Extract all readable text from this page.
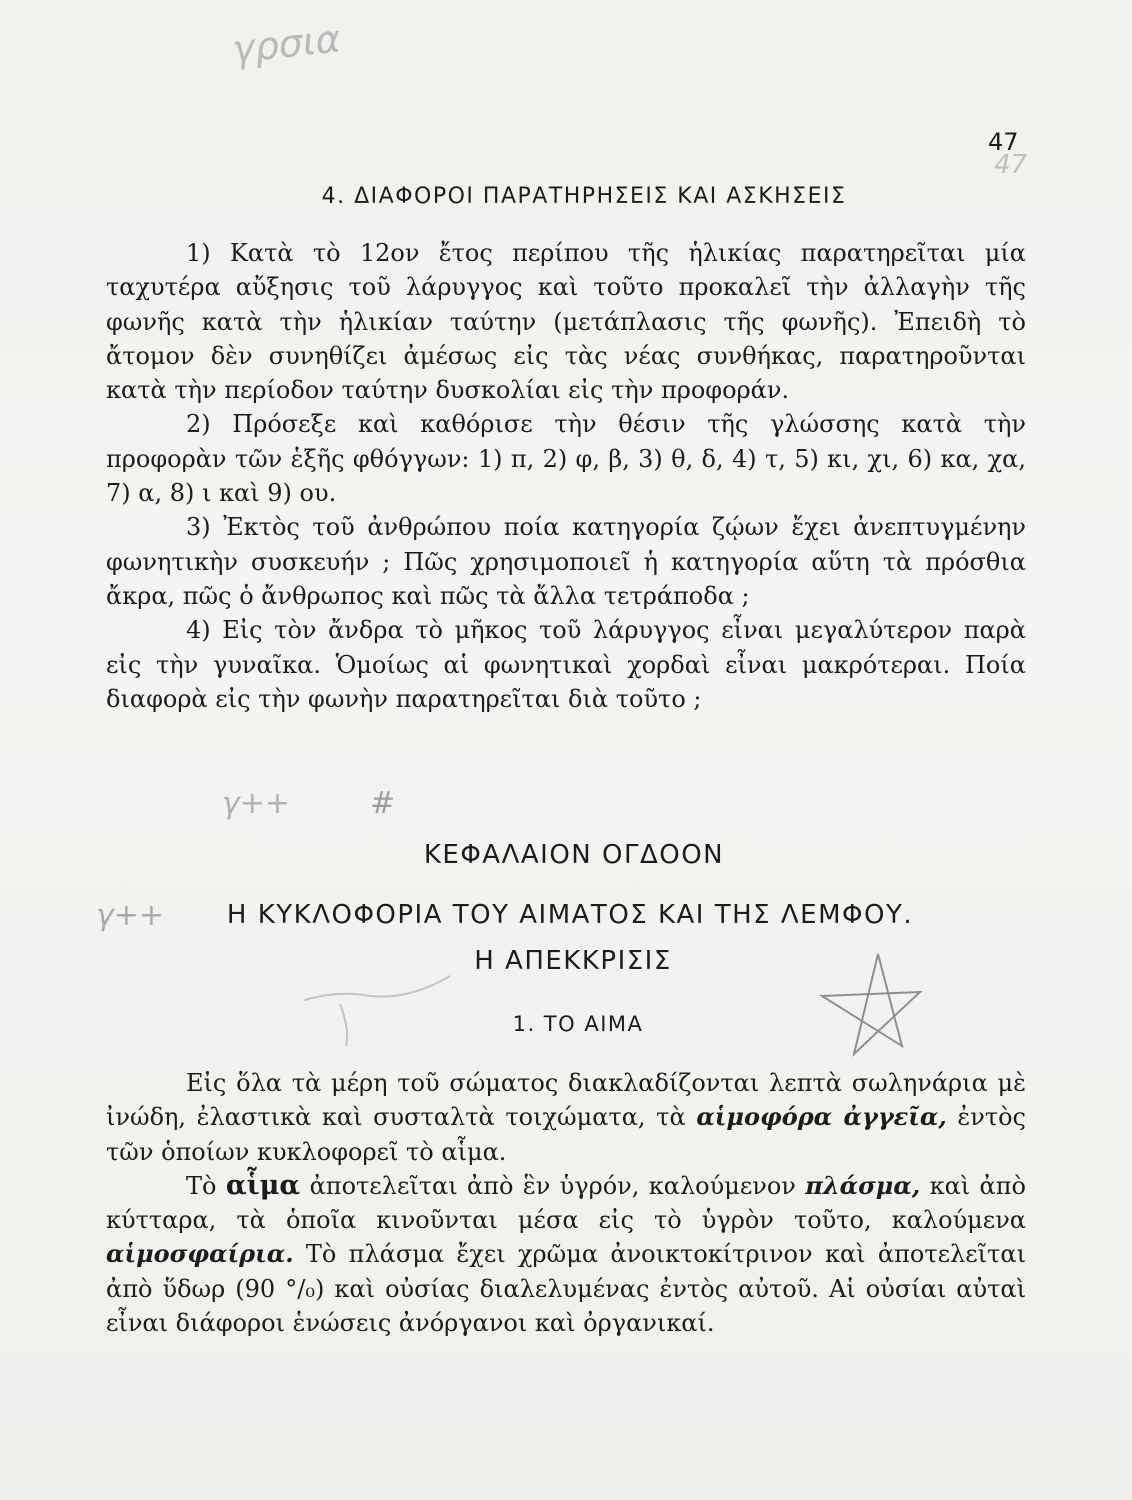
γρσια
47
47
4. ΔΙΑΦΟΡΟΙ ΠΑΡΑΤΗΡΗΣΕΙΣ ΚΑΙ ΑΣΚΗΣΕΙΣ

1) Κατὰ τὸ 12ον ἔτος περίπου τῆς ἡλικίας παρατηρεῖται μία ταχυτέρα αὔξησις τοῦ λάρυγγος καὶ τοῦτο προκαλεῖ τὴν ἀλλαγὴν τῆς φωνῆς κατὰ τὴν ἡλικίαν ταύτην (μετάπλασις τῆς φωνῆς). Ἐπειδὴ τὸ ἄτομον δὲν συνηθίζει ἀμέσως εἰς τὰς νέας συνθήκας, παρατηροῦνται κατὰ τὴν περίοδον ταύτην δυσκολίαι εἰς τὴν προφοράν.

2) Πρόσεξε καὶ καθόρισε τὴν θέσιν τῆς γλώσσης κατὰ τὴν προφορὰν τῶν ἑξῆς φθόγγων: 1) π, 2) φ, β, 3) θ, δ, 4) τ, 5) κι, χι, 6) κα, χα, 7) α, 8) ι καὶ 9) ου.

3) Ἐκτὸς τοῦ ἀνθρώπου ποία κατηγορία ζῴων ἔχει ἀνεπτυγμένην φωνητικὴν συσκευήν ; Πῶς χρησιμοποιεῖ ἡ κατηγορία αὕτη τὰ πρόσθια ἄκρα, πῶς ὁ ἄνθρωπος καὶ πῶς τὰ ἄλλα τετράποδα ;

4) Εἰς τὸν ἄνδρα τὸ μῆκος τοῦ λάρυγγος εἶναι μεγαλύτερον παρὰ εἰς τὴν γυναῖκα. Ὁμοίως αἱ φωνητικαὶ χορδαὶ εἶναι μακρότεραι. Ποία διαφορὰ εἰς τὴν φωνὴν παρατηρεῖται διὰ τοῦτο ;

γ++	#
ΚΕΦΑΛΑΙΟΝ ΟΓΔΟΟΝ
γ++	Η ΚΥΚΛΟΦΟΡΙΑ ΤΟΥ ΑΙΜΑΤΟΣ ΚΑΙ ΤΗΣ ΛΕΜΦΟΥ.
Η ΑΠΕΚΚΡΙΣΙΣ
1. ΤΟ ΑΙΜΑ

Εἰς ὅλα τὰ μέρη τοῦ σώματος διακλαδίζονται λεπτὰ σωληνάρια μὲ ἰνώδη, ἐλαστικὰ καὶ συσταλτὰ τοιχώματα, τὰ αἱμοφόρα ἀγγεῖα, ἐντὸς τῶν ὁποίων κυκλοφορεῖ τὸ αἷμα.

Τὸ αἷμα ἀποτελεῖται ἀπὸ ἓν ὑγρόν, καλούμενον πλάσμα, καὶ ἀπὸ κύτταρα, τὰ ὁποῖα κινοῦνται μέσα εἰς τὸ ὑγρὸν τοῦτο, καλούμενα αἱμοσφαίρια. Τὸ πλάσμα ἔχει χρῶμα ἀνοικτοκίτρινον καὶ ἀποτελεῖται ἀπὸ ὕδωρ (90 °/₀) καὶ οὐσίας διαλελυμένας ἐντὸς αὐτοῦ. Αἱ οὐσίαι αὐταὶ εἶναι διάφοροι ἑνώσεις ἀνόργανοι καὶ ὀργανικαί.
